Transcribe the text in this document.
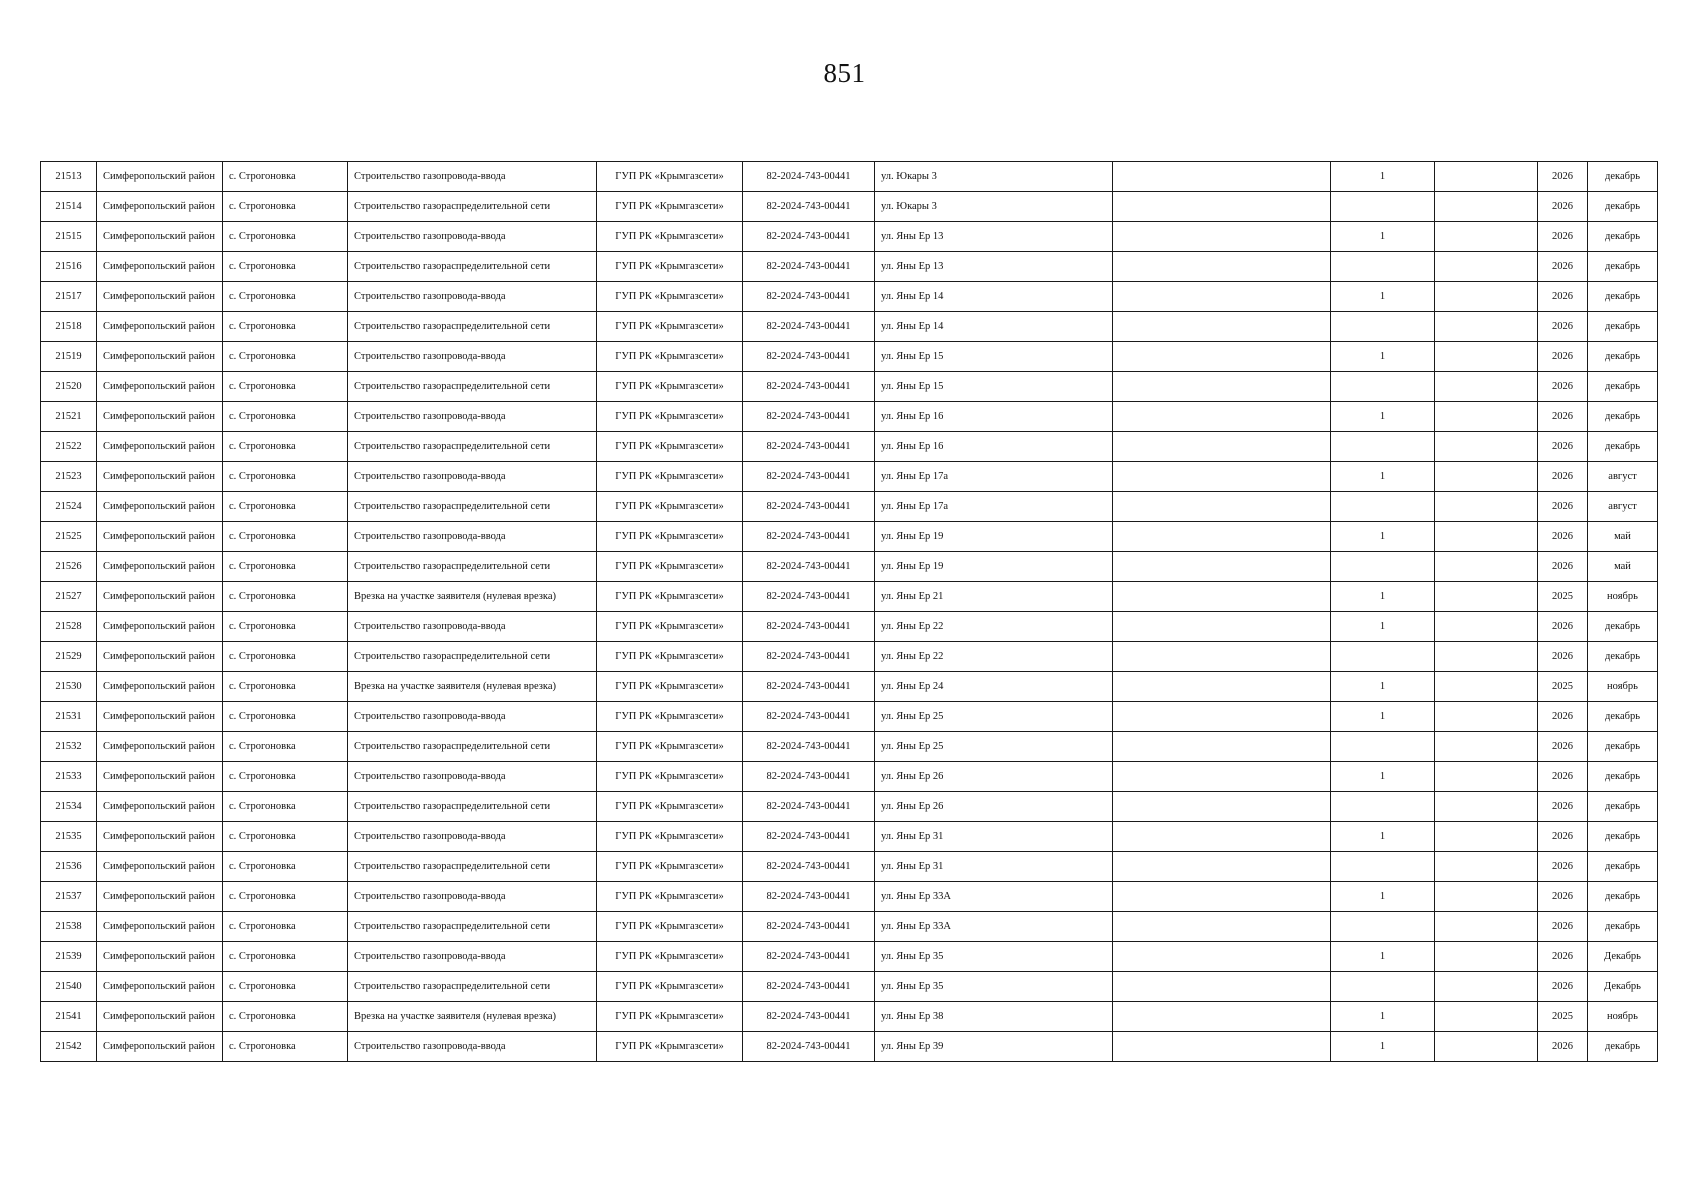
851
21513	Симферопольский район	с. Строгоновка	Строительство газопровода-ввода	ГУП РК «Крымгазсети»	82-2024-743-00441	ул. Юкары 3		1		2026	декабрь
21514	Симферопольский район	с. Строгоновка	Строительство газораспределительной сети	ГУП РК «Крымгазсети»	82-2024-743-00441	ул. Юкары 3				2026	декабрь
21515	Симферопольский район	с. Строгоновка	Строительство газопровода-ввода	ГУП РК «Крымгазсети»	82-2024-743-00441	ул. Яны Ер 13		1		2026	декабрь
21516	Симферопольский район	с. Строгоновка	Строительство газораспределительной сети	ГУП РК «Крымгазсети»	82-2024-743-00441	ул. Яны Ер 13				2026	декабрь
21517	Симферопольский район	с. Строгоновка	Строительство газопровода-ввода	ГУП РК «Крымгазсети»	82-2024-743-00441	ул. Яны Ер 14		1		2026	декабрь
21518	Симферопольский район	с. Строгоновка	Строительство газораспределительной сети	ГУП РК «Крымгазсети»	82-2024-743-00441	ул. Яны Ер 14				2026	декабрь
21519	Симферопольский район	с. Строгоновка	Строительство газопровода-ввода	ГУП РК «Крымгазсети»	82-2024-743-00441	ул. Яны Ер 15		1		2026	декабрь
21520	Симферопольский район	с. Строгоновка	Строительство газораспределительной сети	ГУП РК «Крымгазсети»	82-2024-743-00441	ул. Яны Ер 15				2026	декабрь
21521	Симферопольский район	с. Строгоновка	Строительство газопровода-ввода	ГУП РК «Крымгазсети»	82-2024-743-00441	ул. Яны Ер 16		1		2026	декабрь
21522	Симферопольский район	с. Строгоновка	Строительство газораспределительной сети	ГУП РК «Крымгазсети»	82-2024-743-00441	ул. Яны Ер 16				2026	декабрь
21523	Симферопольский район	с. Строгоновка	Строительство газопровода-ввода	ГУП РК «Крымгазсети»	82-2024-743-00441	ул. Яны Ер 17а		1		2026	август
21524	Симферопольский район	с. Строгоновка	Строительство газораспределительной сети	ГУП РК «Крымгазсети»	82-2024-743-00441	ул. Яны Ер 17а				2026	август
21525	Симферопольский район	с. Строгоновка	Строительство газопровода-ввода	ГУП РК «Крымгазсети»	82-2024-743-00441	ул. Яны Ер 19		1		2026	май
21526	Симферопольский район	с. Строгоновка	Строительство газораспределительной сети	ГУП РК «Крымгазсети»	82-2024-743-00441	ул. Яны Ер 19				2026	май
21527	Симферопольский район	с. Строгоновка	Врезка на участке заявителя (нулевая врезка)	ГУП РК «Крымгазсети»	82-2024-743-00441	ул. Яны Ер 21		1		2025	ноябрь
21528	Симферопольский район	с. Строгоновка	Строительство газопровода-ввода	ГУП РК «Крымгазсети»	82-2024-743-00441	ул. Яны Ер 22		1		2026	декабрь
21529	Симферопольский район	с. Строгоновка	Строительство газораспределительной сети	ГУП РК «Крымгазсети»	82-2024-743-00441	ул. Яны Ер 22				2026	декабрь
21530	Симферопольский район	с. Строгоновка	Врезка на участке заявителя (нулевая врезка)	ГУП РК «Крымгазсети»	82-2024-743-00441	ул. Яны Ер 24		1		2025	ноябрь
21531	Симферопольский район	с. Строгоновка	Строительство газопровода-ввода	ГУП РК «Крымгазсети»	82-2024-743-00441	ул. Яны Ер 25		1		2026	декабрь
21532	Симферопольский район	с. Строгоновка	Строительство газораспределительной сети	ГУП РК «Крымгазсети»	82-2024-743-00441	ул. Яны Ер 25				2026	декабрь
21533	Симферопольский район	с. Строгоновка	Строительство газопровода-ввода	ГУП РК «Крымгазсети»	82-2024-743-00441	ул. Яны Ер 26		1		2026	декабрь
21534	Симферопольский район	с. Строгоновка	Строительство газораспределительной сети	ГУП РК «Крымгазсети»	82-2024-743-00441	ул. Яны Ер 26				2026	декабрь
21535	Симферопольский район	с. Строгоновка	Строительство газопровода-ввода	ГУП РК «Крымгазсети»	82-2024-743-00441	ул. Яны Ер 31		1		2026	декабрь
21536	Симферопольский район	с. Строгоновка	Строительство газораспределительной сети	ГУП РК «Крымгазсети»	82-2024-743-00441	ул. Яны Ер 31				2026	декабрь
21537	Симферопольский район	с. Строгоновка	Строительство газопровода-ввода	ГУП РК «Крымгазсети»	82-2024-743-00441	ул. Яны Ер 33А		1		2026	декабрь
21538	Симферопольский район	с. Строгоновка	Строительство газораспределительной сети	ГУП РК «Крымгазсети»	82-2024-743-00441	ул. Яны Ер 33А				2026	декабрь
21539	Симферопольский район	с. Строгоновка	Строительство газопровода-ввода	ГУП РК «Крымгазсети»	82-2024-743-00441	ул. Яны Ер 35		1		2026	Декабрь
21540	Симферопольский район	с. Строгоновка	Строительство газораспределительной сети	ГУП РК «Крымгазсети»	82-2024-743-00441	ул. Яны Ер 35				2026	Декабрь
21541	Симферопольский район	с. Строгоновка	Врезка на участке заявителя (нулевая врезка)	ГУП РК «Крымгазсети»	82-2024-743-00441	ул. Яны Ер 38		1		2025	ноябрь
21542	Симферопольский район	с. Строгоновка	Строительство газопровода-ввода	ГУП РК «Крымгазсети»	82-2024-743-00441	ул. Яны Ер 39		1		2026	декабрь
